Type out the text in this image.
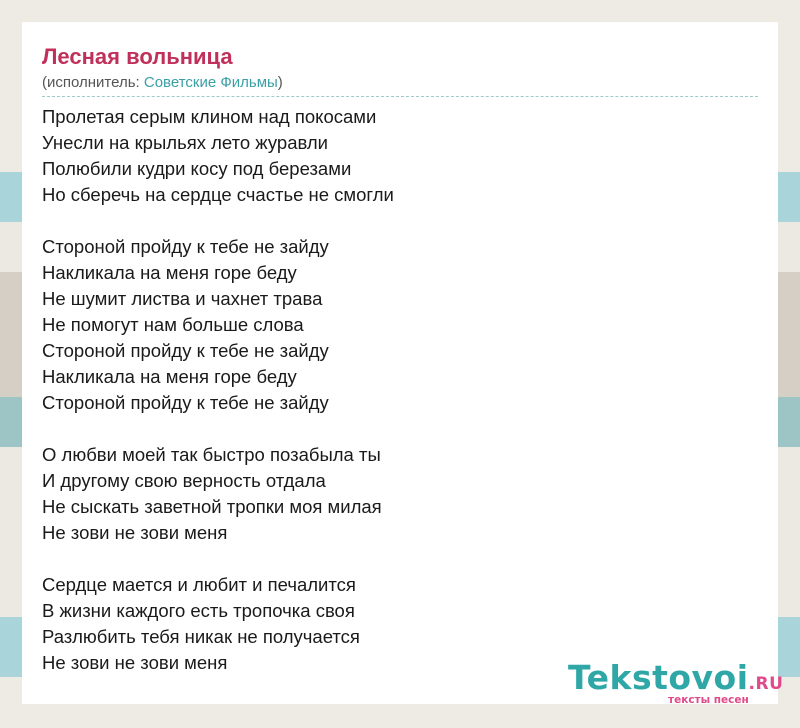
Лесная вольница
(исполнитель: Советские Фильмы)
Пролетая серым клином над покосами
Унесли на крыльях лето журавли
Полюбили кудри косу под березами
Но сберечь на сердце счастье не смогли
Стороной пройду к тебе не зайду
Накликала на меня горе беду
Не шумит листва и чахнет трава
Не помогут нам больше слова
Стороной пройду к тебе не зайду
Накликала на меня горе беду
Стороной пройду к тебе не зайду
О любви моей так быстро позабыла ты
И другому свою верность отдала
Не сыскать заветной тропки моя милая
Не зови не зови меня
Сердце мается и любит и печалится
В жизни каждого есть тропочка своя
Разлюбить тебя никак не получается
Не зови не зови меня	Tekstovoi.RU
тексты песен
